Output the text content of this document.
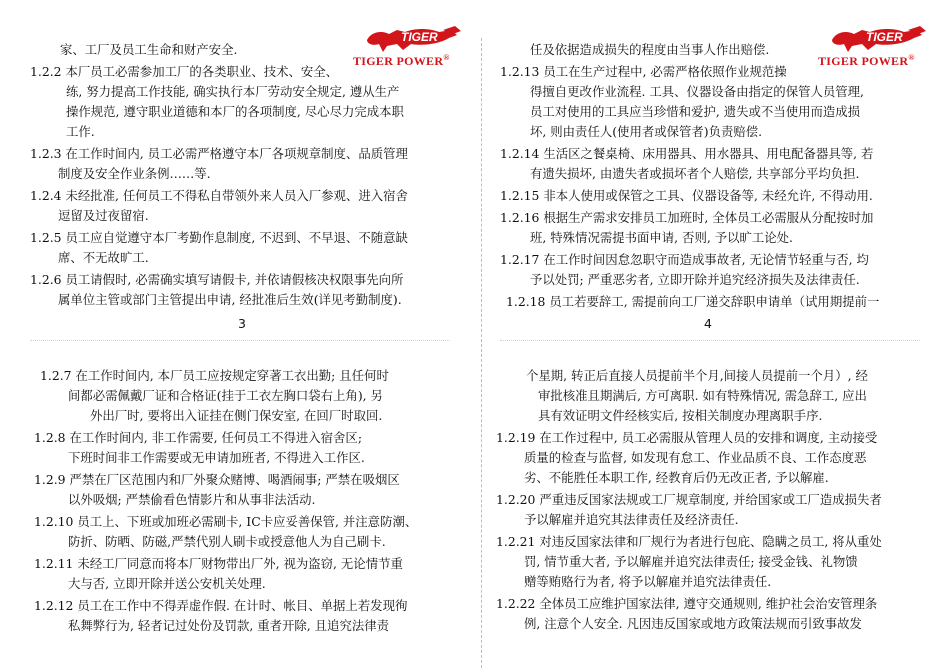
家、工厂及员工生命和财产安全.
1.2.2 本厂员工必需参加工厂的各类职业、技术、安全、
练, 努力提高工作技能, 确实执行本厂劳动安全规定, 遵从生产
操作规范, 遵守职业道德和本厂的各项制度, 尽心尽力完成本职
工作.
1.2.3 在工作时间内, 员工必需严格遵守本厂各项规章制度、品质管理
制度及安全作业条例……等.
1.2.4 未经批准, 任何员工不得私自带领外来人员入厂参观、进入宿舍
逗留及过夜留宿.
1.2.5 员工应自觉遵守本厂考勤作息制度, 不迟到、不早退、不随意缺
席、不无故旷工.
1.2.6 员工请假时, 必需确实填写请假卡, 并依请假核决权限事先向所
属单位主管或部门主管提出申请, 经批准后生效(详见考勤制度).
任及依据造成损失的程度由当事人作出赔偿.
1.2.13 员工在生产过程中, 必需严格依照作业规范操
得擅自更改作业流程. 工具、仪器设备由指定的保管人员管理,
员工对使用的工具应当珍惜和爱护, 遗失或不当使用而造成损
坏, 则由责任人(使用者或保管者)负责赔偿.
1.2.14 生活区之餐桌椅、床用器具、用水器具、用电配备器具等, 若
有遗失损坏, 由遗失者或损坏者个人赔偿, 共享部分平均负担.
1.2.15 非本人使用或保管之工具、仪器设备等, 未经允许, 不得动用.
1.2.16 根据生产需求安排员工加班时, 全体员工必需服从分配按时加
班, 特殊情况需提书面申请, 否则, 予以旷工论处.
1.2.17 在工作时间因怠忽职守而造成事故者, 无论情节轻重与否, 均
予以处罚; 严重恶劣者, 立即开除并追究经济损失及法律责任.
1.2.18 员工若要辞工, 需提前向工厂递交辞职申请单（试用期提前一
3	4
1.2.7 在工作时间内, 本厂员工应按规定穿著工衣出勤; 且任何时
间都必需佩戴厂证和合格证(挂于工衣左胸口袋右上角), 另
外出厂时, 要将出入证挂在侧门保安室, 在回厂时取回.
1.2.8 在工作时间内, 非工作需要, 任何员工不得进入宿舍区;
下班时间非工作需要或无申请加班者, 不得进入工作区.
1.2.9 严禁在厂区范围内和厂外聚众赌博、喝酒闹事; 严禁在吸烟区
以外吸烟; 严禁偷看色情影片和从事非法活动.
1.2.10 员工上、下班或加班必需刷卡, IC卡应妥善保管, 并注意防潮、
防折、防晒、防磁,严禁代别人刷卡或授意他人为自己刷卡.
1.2.11 未经工厂同意而将本厂财物带出厂外, 视为盗窃, 无论情节重
大与否, 立即开除并送公安机关处理.
1.2.12 员工在工作中不得弄虚作假. 在计时、帐目、单据上若发现徇
私舞弊行为, 轻者记过处份及罚款, 重者开除, 且追究法律责
个星期, 转正后直接人员提前半个月,间接人员提前一个月）, 经
审批核准且期满后, 方可离职. 如有特殊情况, 需急辞工, 应出
具有效证明文件经核实后, 按相关制度办理离职手序.
1.2.19 在工作过程中, 员工必需服从管理人员的安排和调度, 主动接受
质量的检查与监督, 如发现有怠工、作业品质不良、工作态度恶
劣、不能胜任本职工作, 经教育后仍无改正者, 予以解雇.
1.2.20 严重违反国家法规或工厂规章制度, 并给国家或工厂造成损失者
予以解雇并追究其法律责任及经济责任.
1.2.21 对违反国家法律和厂规行为者进行包庇、隐瞒之员工, 将从重处
罚, 情节重大者, 予以解雇并追究法律责任; 接受金钱、礼物馈
赠等贿赂行为者, 将予以解雇并追究法律责任.
1.2.22 全体员工应维护国家法律, 遵守交通规则, 维护社会治安管理条
例, 注意个人安全. 凡因违反国家或地方政策法规而引致事故发
TIGER
TIGER POWER®
TIGER
TIGER POWER®
